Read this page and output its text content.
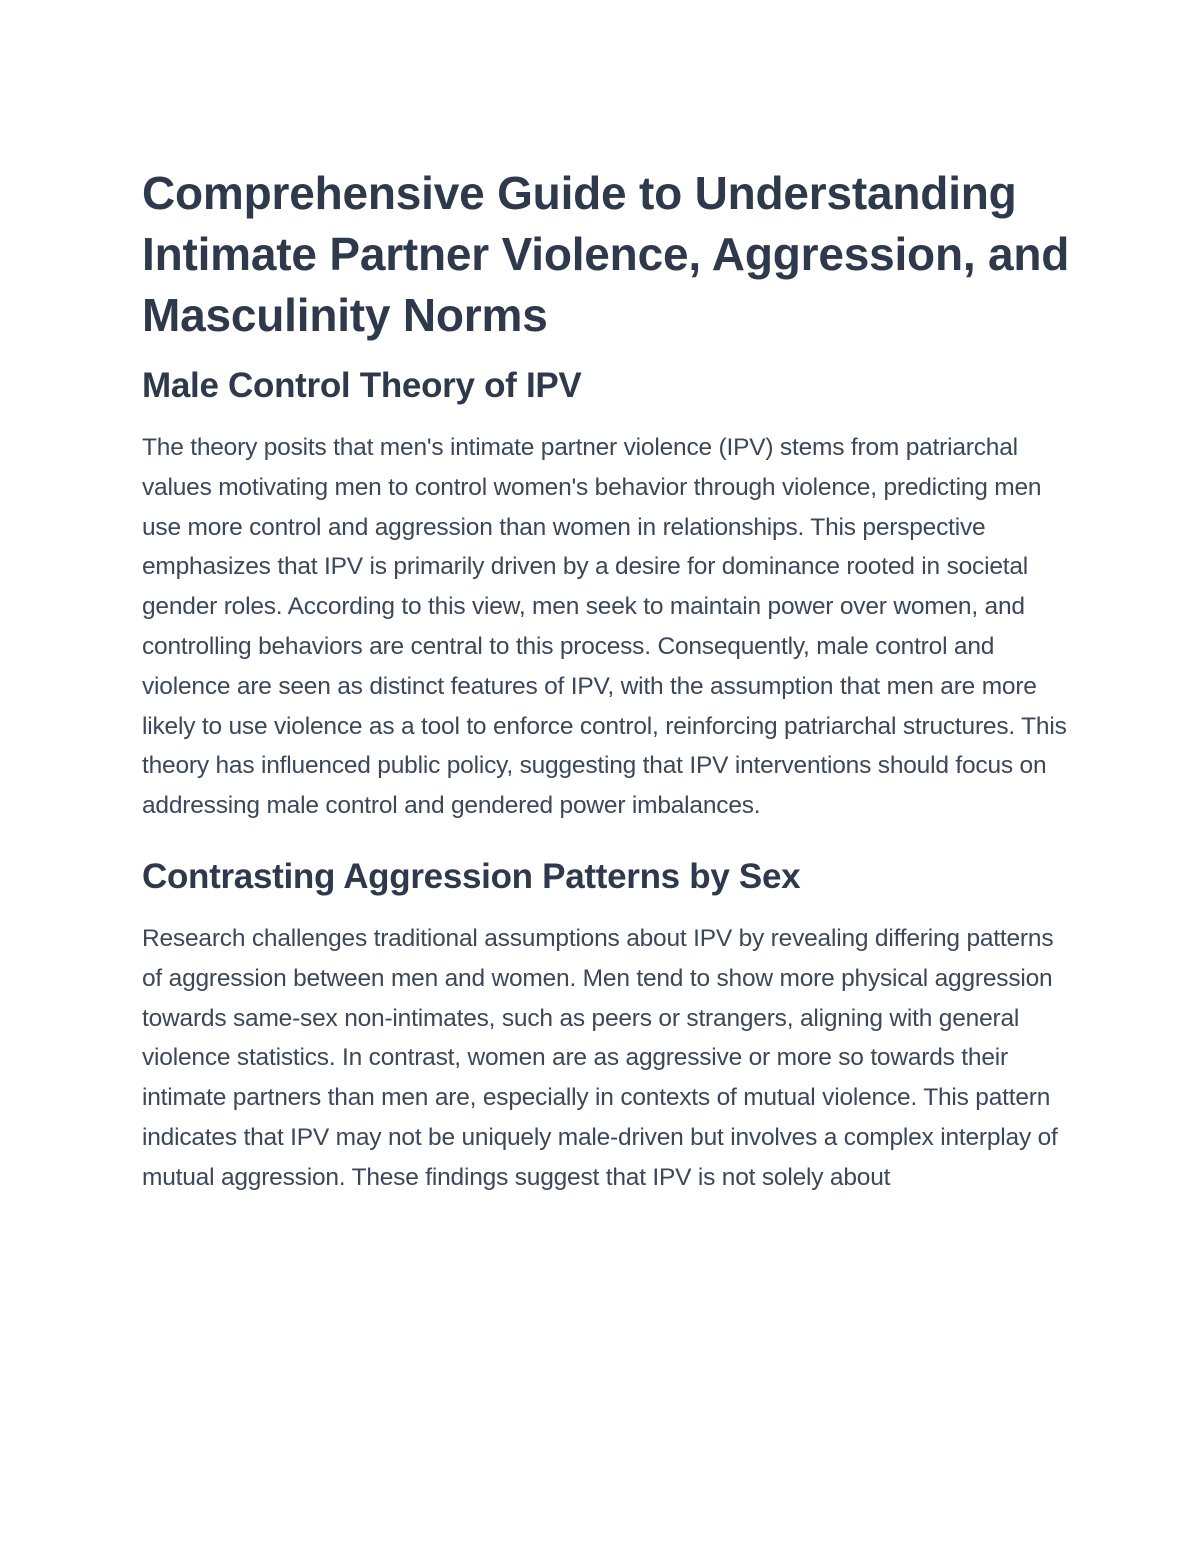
Comprehensive Guide to Understanding Intimate Partner Violence, Aggression, and Masculinity Norms
Male Control Theory of IPV

The theory posits that men's intimate partner violence (IPV) stems from patriarchal values motivating men to control women's behavior through violence, predicting men use more control and aggression than women in relationships. This perspective emphasizes that IPV is primarily driven by a desire for dominance rooted in societal gender roles. According to this view, men seek to maintain power over women, and controlling behaviors are central to this process. Consequently, male control and violence are seen as distinct features of IPV, with the assumption that men are more likely to use violence as a tool to enforce control, reinforcing patriarchal structures. This theory has influenced public policy, suggesting that IPV interventions should focus on addressing male control and gendered power imbalances.

Contrasting Aggression Patterns by Sex

Research challenges traditional assumptions about IPV by revealing differing patterns of aggression between men and women. Men tend to show more physical aggression towards same-sex non-intimates, such as peers or strangers, aligning with general violence statistics. In contrast, women are as aggressive or more so towards their intimate partners than men are, especially in contexts of mutual violence. This pattern indicates that IPV may not be uniquely male-driven but involves a complex interplay of mutual aggression. These findings suggest that IPV is not solely about
